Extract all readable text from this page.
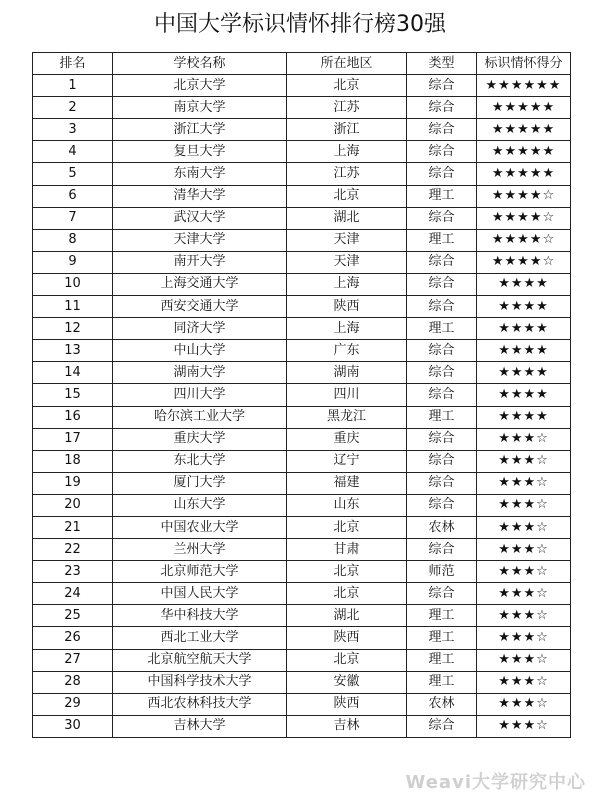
中国大学标识情怀排行榜30强
排名	学校名称	所在地区	类型	标识情怀得分
1	北京大学	北京	综合	★★★★★★
2	南京大学	江苏	综合	★★★★★
3	浙江大学	浙江	综合	★★★★★
4	复旦大学	上海	综合	★★★★★
5	东南大学	江苏	综合	★★★★★
6	清华大学	北京	理工	★★★★☆
7	武汉大学	湖北	综合	★★★★☆
8	天津大学	天津	理工	★★★★☆
9	南开大学	天津	综合	★★★★☆
10	上海交通大学	上海	综合	★★★★
11	西安交通大学	陕西	综合	★★★★
12	同济大学	上海	理工	★★★★
13	中山大学	广东	综合	★★★★
14	湖南大学	湖南	综合	★★★★
15	四川大学	四川	综合	★★★★
16	哈尔滨工业大学	黑龙江	理工	★★★★
17	重庆大学	重庆	综合	★★★☆
18	东北大学	辽宁	综合	★★★☆
19	厦门大学	福建	综合	★★★☆
20	山东大学	山东	综合	★★★☆
21	中国农业大学	北京	农林	★★★☆
22	兰州大学	甘肃	综合	★★★☆
23	北京师范大学	北京	师范	★★★☆
24	中国人民大学	北京	综合	★★★☆
25	华中科技大学	湖北	理工	★★★☆
26	西北工业大学	陕西	理工	★★★☆
27	北京航空航天大学	北京	理工	★★★☆
28	中国科学技术大学	安徽	理工	★★★☆
29	西北农林科技大学	陕西	农林	★★★☆
30	吉林大学	吉林	综合	★★★☆
Weavi大学研究中心
